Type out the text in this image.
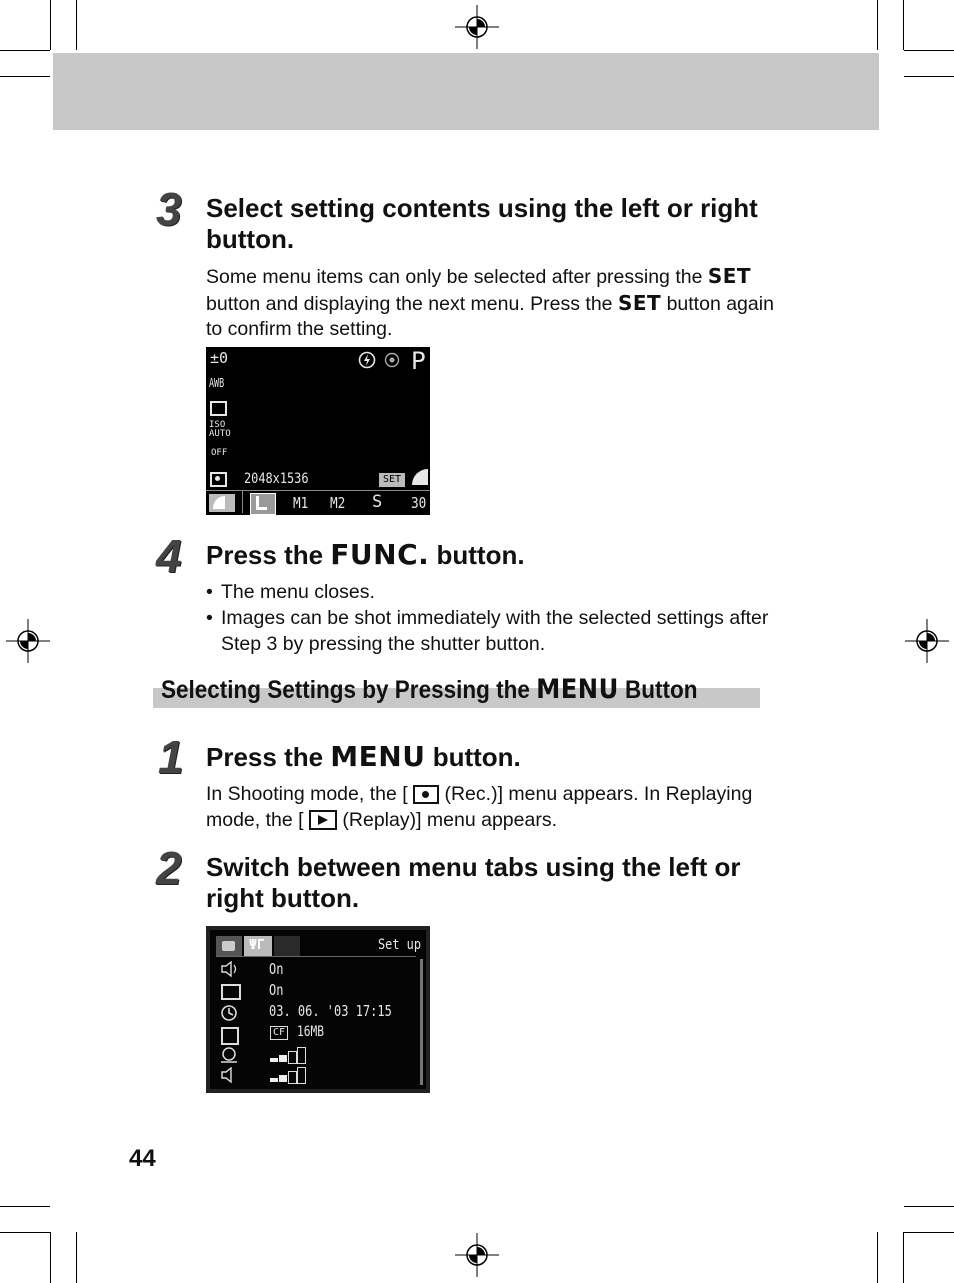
3 Select setting contents using the left or right button.
Some menu items can only be selected after pressing the SET button and displaying the next menu. Press the SET button again to confirm the setting.
±0
AWB
ISO AUTO
OFF
P
2048x1536	SET
M1 M2 S 30
4 Press the FUNC. button.
• The menu closes.
• Images can be shot immediately with the selected settings after Step 3 by pressing the shutter button.
Selecting Settings by Pressing the MENU Button
1 Press the MENU button.
In Shooting mode, the [
(Rec.)] menu appears. In Replaying mode, the [
(Replay)] menu appears.
2 Switch between menu tabs using the left or right button.
ΨΓ	Set up
On
On
03. 06. '03 17:15
CF 16MB
44
